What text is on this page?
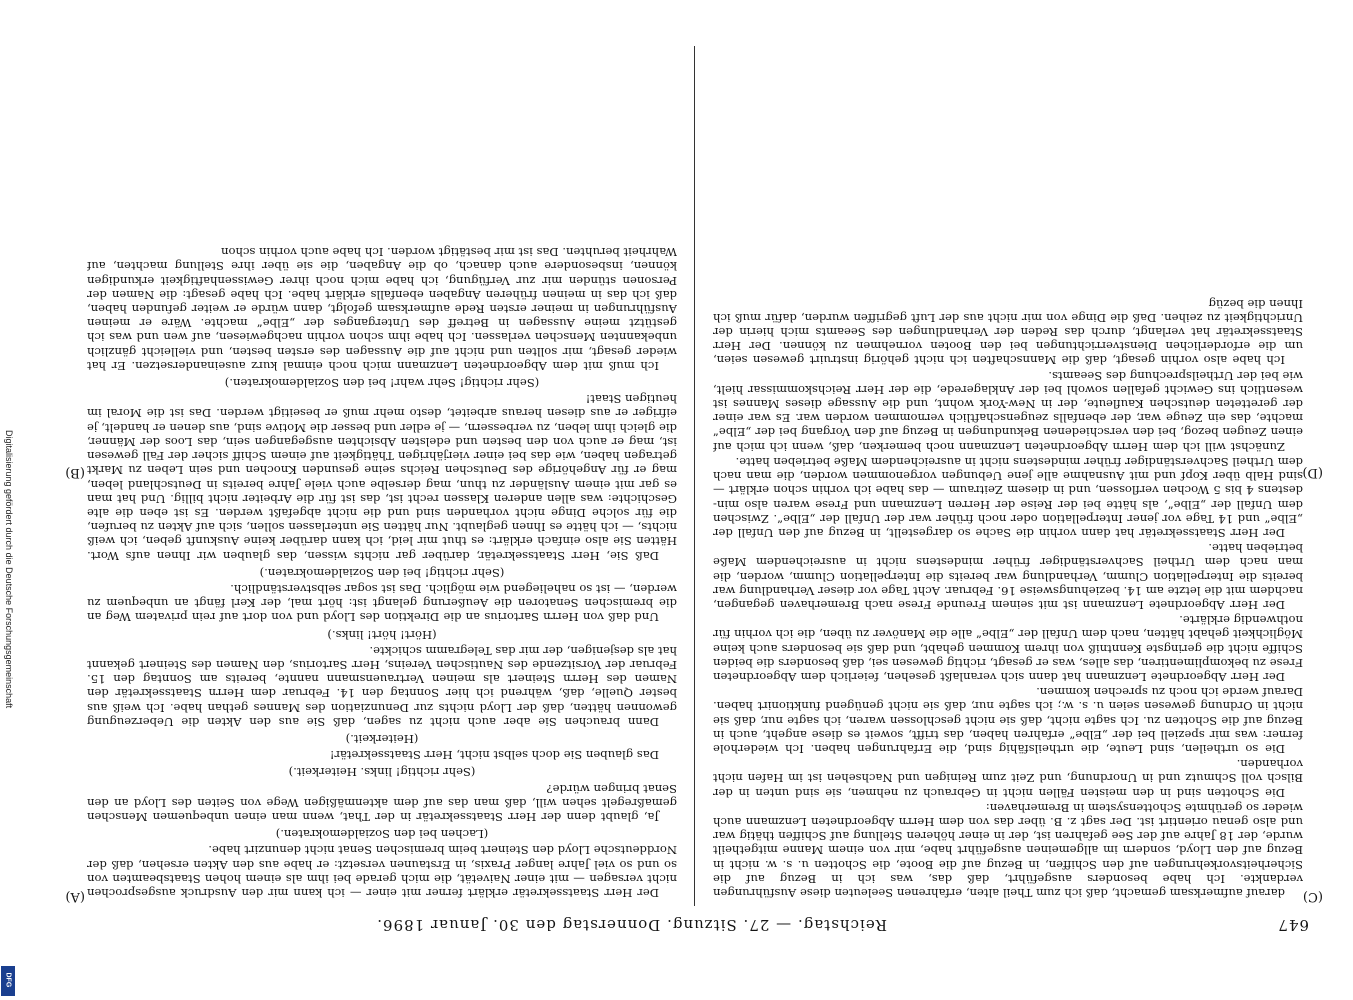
647
Reichstag. — 27. Sitzung. Donnerstag den 30. Januar 1896.
(A)
(B)
(C)
(D)

darauf aufmerksam gemacht, daß ich zum Theil alten, erfahrenen Seeleuten diese Ausführungen verdankte. Ich habe besonders ausgeführt, daß das, was ich in Bezug auf die Sicherheitsvorkehrungen auf den Schiffen, in Bezug auf die Boote, die Schotten u. s. w. nicht in Bezug auf den Lloyd, sondern im allgemeinen ausgeführt habe, mir von einem Manne mitgetheilt wurde, der 18 Jahre auf der See gefahren ist, der in einer höheren Stellung auf Schiffen thätig war und also genau orientirt ist. Der sagt z. B. über das von dem Herrn Abgeordneten Lenzmann auch wieder so gerühmte Schottensystem in Bremerhaven:

Die Schotten sind in den meisten Fällen nicht in Gebrauch zu nehmen, sie sind unten in der Bilsch voll Schmutz und in Unordnung, und Zeit zum Reinigen und Nachsehen ist im Hafen nicht vorhanden.

Die so urtheilen, sind Leute, die urtheilsfähig sind, die Erfahrungen haben. Ich wiederhole ferner: was mir speziell bei der „Elbe“ erfahren haben, das trifft, soweit es diese angeht, auch in Bezug auf die Schotten zu. Ich sagte nicht, daß sie nicht geschlossen waren, ich sagte nur, daß sie nicht in Ordnung gewesen seien u. s. w.; ich sagte nur, daß sie nicht genügend funktionirt haben. Darauf werde ich noch zu sprechen kommen.

Der Herr Abgeordnete Lenzmann hat dann sich veranlaßt gesehen, feierlich dem Abgeordneten Frese zu bekomplimentiren, das alles, was er gesagt, richtig gewesen sei, daß besonders die beiden Schiffe nicht die geringste Kenntniß von ihrem Kommen gehabt, und daß sie besonders auch keine Möglichkeit gehabt hätten, nach dem Unfall der „Elbe“ alle die Manöver zu üben, die ich vorhin für nothwendig erklärte.

Der Herr Abgeordnete Lenzmann ist mit seinem Freunde Frese nach Bremerhaven gegangen, nachdem mit die letzte am 14. beziehungsweise 16. Februar. Acht Tage vor dieser Verhandlung war bereits die Interpellation Clumm, Verhandlung war bereits die Interpellation Clumm, worden, die man nach dem Urtheil Sachverständiger früher mindestens nicht in ausreichendem Maße betrieben hatte.

Der Herr Staatssekretär hat dann vorhin die Sache so dargestellt, in Bezug auf den Unfall der „Elbe“ und 14 Tage vor jener Interpellation oder noch früher war der Unfall der „Elbe“. Zwischen dem Unfall der „Elbe“, als hätte bei der Reise der Herren Lenzmann und Frese waren also mindestens 4 bis 5 Wochen verflossen, und in diesem Zeitraum — das habe ich vorhin schon erklärt — sind Halb über Kopf und mit Ausnahme alle jene Uebungen vorgenommen worden, die man nach dem Urtheil Sachverständiger früher mindestens nicht in ausreichendem Maße betrieben hatte.

Zunächst will ich dem Herrn Abgeordneten Lenzmann noch bemerken, daß, wenn ich mich auf einen Zeugen bezog, bei den verschiedenen Bekundungen in Bezug auf den Vorgang bei der „Elbe“ machte, das ein Zeuge war, der ebenfalls zeugenschaftlich vernommen worden war. Es war einer der geretteten deutschen Kaufleute, der in New-York wohnt, und die Aussage dieses Mannes ist wesentlich ins Gewicht gefallen sowohl bei der Anklagerede, die der Herr Reichskommissar hielt, wie bei der Urtheilsprechung des Seeamts.

Ich habe also vorhin gesagt, daß die Mannschaften ich nicht gehörig instruirt gewesen seien, um die erforderlichen Dienstverrichtungen bei den Booten vornehmen zu können. Der Herr Staatssekretär hat verlangt, durch das Reden der Verhandlungen des Seeamts mich hierin der Unrichtigkeit zu zeihen. Daß die Dinge von mir nicht aus der Luft gegriffen wurden, dafür muß ich Ihnen die bezüg

Der Herr Staatssekretär erklärt ferner mit einer — ich kann mir den Ausdruck ausgesprochen nicht versagen — mit einer Naivetät, die mich gerade bei ihm als einem hohen Staatsbeamten von so und so viel Jahre langer Praxis, in Erstaunen versetzt: er habe aus den Akten ersehen, daß der Norddeutsche Lloyd den Steinert beim bremischen Senat nicht denunzirt habe.

(Lachen bei den Sozialdemokraten.)

Ja, glaubt denn der Herr Staatssekretär in der That, wenn man einen unbequemen Menschen gemaßregelt sehen will, daß man das auf dem aktenmäßigen Wege von Seiten des Lloyd an den Senat bringen würde?

(Sehr richtig! links. Heiterkeit.)

Das glauben Sie doch selbst nicht, Herr Staatssekretär!

(Heiterkeit.)

Dann brauchen Sie aber auch nicht zu sagen, daß Sie aus den Akten die Ueberzeugung gewonnen hätten, daß der Lloyd nichts zur Denunziation des Mannes gethan habe. Ich weiß aus bester Quelle, daß, während ich hier Sonntag den 14. Februar dem Herrn Staatssekretär den Namen des Herrn Steinert als meinen Vertrauensmann nannte, bereits am Sonntag den 15. Februar der Vorsitzende des Nautischen Vereins, Herr Sartorius, den Namen des Steinert gekannt hat als desjenigen, der mir das Telegramm schickte.

(Hört! hört! links.)

Und daß von Herrn Sartorius an die Direktion des Lloyd und von dort auf rein privatem Weg an die bremischen Senatoren die Aeußerung gelangt ist: hört mal, der Kerl fängt an unbequem zu werden, — ist so naheliegend wie möglich. Das ist sogar selbstverständlich.

(Sehr richtig! bei den Sozialdemokraten.)

Daß Sie, Herr Staatssekretär, darüber gar nichts wissen, das glauben wir Ihnen aufs Wort. Hätten Sie also einfach erklärt: es thut mir leid, ich kann darüber keine Auskunft geben, ich weiß nichts, — ich hätte es Ihnen geglaubt. Nur hätten Sie unterlassen sollen, sich auf Akten zu berufen, die für solche Dinge nicht vorhanden sind und die nicht abgefaßt werden. Es ist eben die alte Geschichte: was allen anderen Klassen recht ist, das ist für die Arbeiter nicht billig. Und hat man es gar mit einem Ausländer zu thun, mag derselbe auch viele Jahre bereits in Deutschland leben, mag er für Angehörige des Deutschen Reichs seine gesunden Knochen und sein Leben zu Markt getragen haben, wie das bei einer vierjährigen Thätigkeit auf einem Schiff sicher der Fall gewesen ist, mag er auch von den besten und edelsten Absichten ausgegangen sein, das Loos der Männer, die gleich ihm leben, zu verbessern, — je edler und besser die Motive sind, aus denen er handelt, je eifriger er aus diesen heraus arbeitet, desto mehr muß er beseitigt werden. Das ist die Moral im heutigen Staat!

(Sehr richtig! Sehr wahr! bei den Sozialdemokraten.)

Ich muß mit dem Abgeordneten Lenzmann mich noch einmal kurz auseinandersetzen. Er hat wieder gesagt, mir sollten und nicht auf die Aussagen des ersten besten, und vielleicht gänzlich unbekannten Menschen verlassen. Ich habe ihm schon vorhin nachgewiesen, auf wen und was ich gestützt meine Aussagen in Betreff des Unterganges der „Elbe“ machte. Wäre er meinen Ausführungen in meiner ersten Rede aufmerksam gefolgt, dann würde er weiter gefunden haben, daß ich das in meinen früheren Angaben ebenfalls erklärt habe. Ich habe gesagt: die Namen der Personen stünden mir zur Verfügung, ich habe mich noch ihrer Gewissenhaftigkeit erkundigen können, insbesondere auch danach, ob die Angaben, die sie über ihre Stellung machten, auf Wahrheit beruhten. Das ist mir bestätigt worden. Ich habe auch vorhin schon

Digitalisierung gefördert durch die Deutsche Forschungsgemeinschaft
DFG
